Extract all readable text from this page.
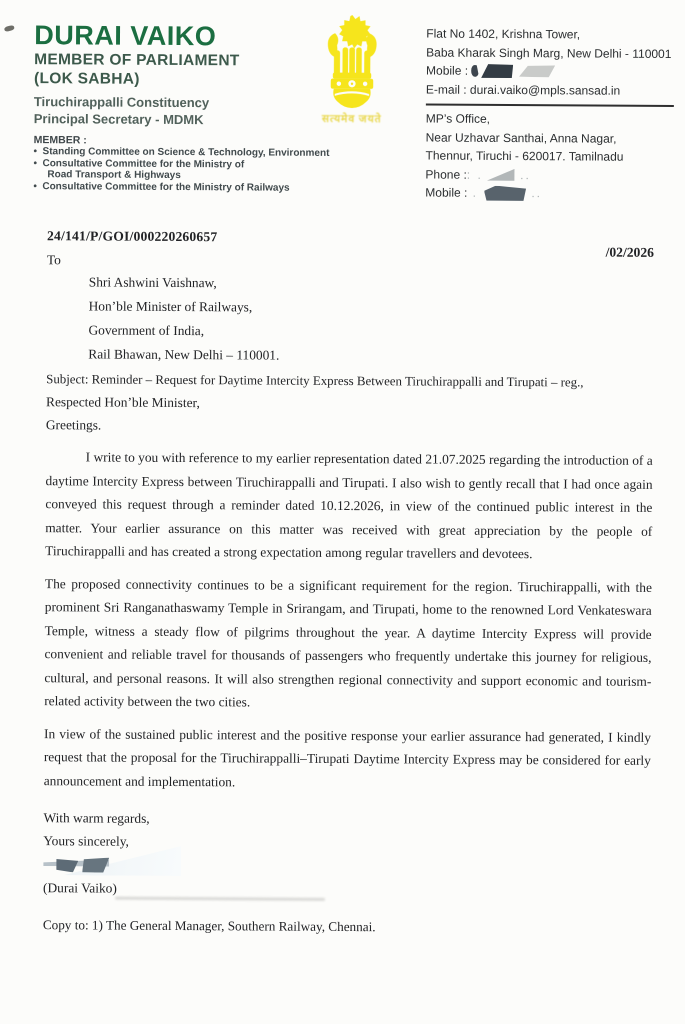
DURAI VAIKO
MEMBER OF PARLIAMENT
(LOK SABHA)
Tiruchirappalli Constituency
Principal Secretary - MDMK
MEMBER :
• Standing Committee on Science & Technology, Environment
• Consultative Committee for the Ministry of
Road Transport & Highways
• Consultative Committee for the Ministry of Railways
सत्यमेव जयते
Flat No 1402, Krishna Tower,
Baba Kharak Singh Marg, New Delhi - 110001
Mobile :
E-mail : durai.vaiko@mpls.sansad.in
MP’s Office,
Near Uzhavar Santhai, Anna Nagar,
Thennur, Tiruchi - 620017. Tamilnadu
Phone : : .	..
Mobile : .	..
24/141/P/GOI/000220260657
/02/2026
To
Shri Ashwini Vaishnaw,
Hon’ble Minister of Railways,
Government of India,
Rail Bhawan, New Delhi – 110001.
Subject: Reminder – Request for Daytime Intercity Express Between Tiruchirappalli and Tirupati – reg.,
Respected Hon’ble Minister,
Greetings.

I write to you with reference to my earlier representation dated 21.07.2025 regarding the introduction of a daytime Intercity Express between Tiruchirappalli and Tirupati. I also wish to gently recall that I had once again conveyed this request through a reminder dated 10.12.2026, in view of the continued public interest in the matter. Your earlier assurance on this matter was received with great appreciation by the people of Tiruchirappalli and has created a strong expectation among regular travellers and devotees.

The proposed connectivity continues to be a significant requirement for the region. Tiruchirappalli, with the prominent Sri Ranganathaswamy Temple in Srirangam, and Tirupati, home to the renowned Lord Venkateswara Temple, witness a steady flow of pilgrims throughout the year. A daytime Intercity Express will provide convenient and reliable travel for thousands of passengers who frequently undertake this journey for religious, cultural, and personal reasons. It will also strengthen regional connectivity and support economic and tourism-related activity between the two cities.

In view of the sustained public interest and the positive response your earlier assurance had generated, I kindly request that the proposal for the Tiruchirappalli–Tirupati Daytime Intercity Express may be considered for early announcement and implementation.

With warm regards,
Yours sincerely,
(Durai Vaiko)
Copy to: 1) The General Manager, Southern Railway, Chennai.
